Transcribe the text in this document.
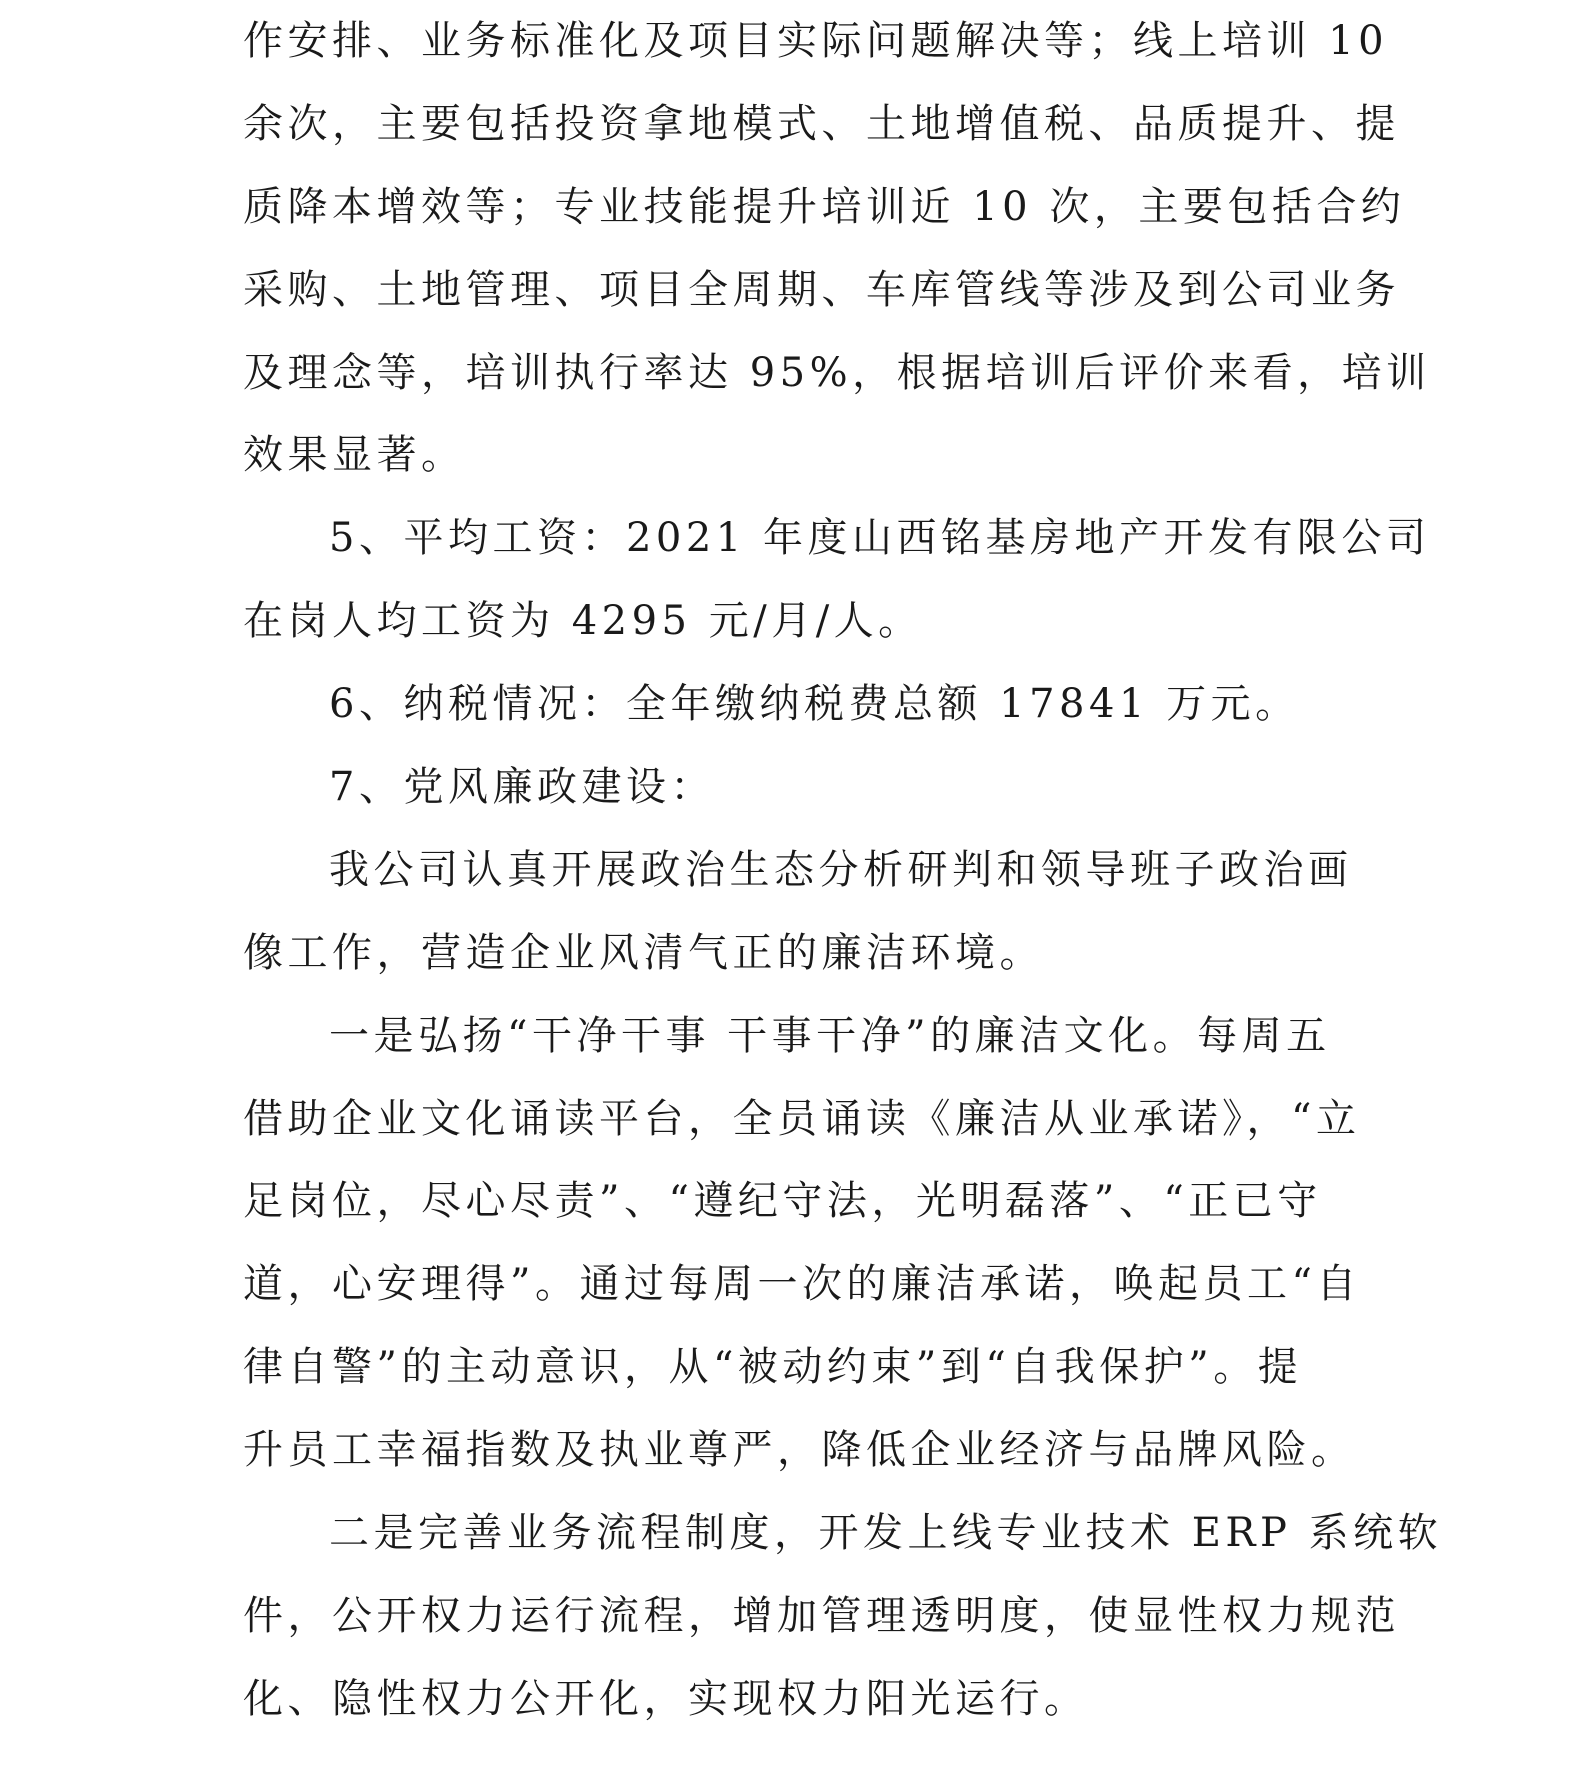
作安排、业务标准化及项目实际问题解决等；线上培训 10
余次，主要包括投资拿地模式、土地增值税、品质提升、提
质降本增效等；专业技能提升培训近 10 次，主要包括合约
采购、土地管理、项目全周期、车库管线等涉及到公司业务
及理念等，培训执行率达 95%，根据培训后评价来看，培训
效果显著。
5、平均工资：2021 年度山西铭基房地产开发有限公司
在岗人均工资为 4295 元/月/人。
6、纳税情况：全年缴纳税费总额 17841 万元。
7、党风廉政建设：
我公司认真开展政治生态分析研判和领导班子政治画
像工作，营造企业风清气正的廉洁环境。
一是弘扬“干净干事 干事干净”的廉洁文化。每周五
借助企业文化诵读平台，全员诵读《廉洁从业承诺》，“立
足岗位，尽心尽责”、“遵纪守法，光明磊落”、“正已守
道，心安理得”。通过每周一次的廉洁承诺，唤起员工“自
律自警”的主动意识，从“被动约束”到“自我保护”。提
升员工幸福指数及执业尊严，降低企业经济与品牌风险。
二是完善业务流程制度，开发上线专业技术 ERP 系统软
件，公开权力运行流程，增加管理透明度，使显性权力规范
化、隐性权力公开化，实现权力阳光运行。
